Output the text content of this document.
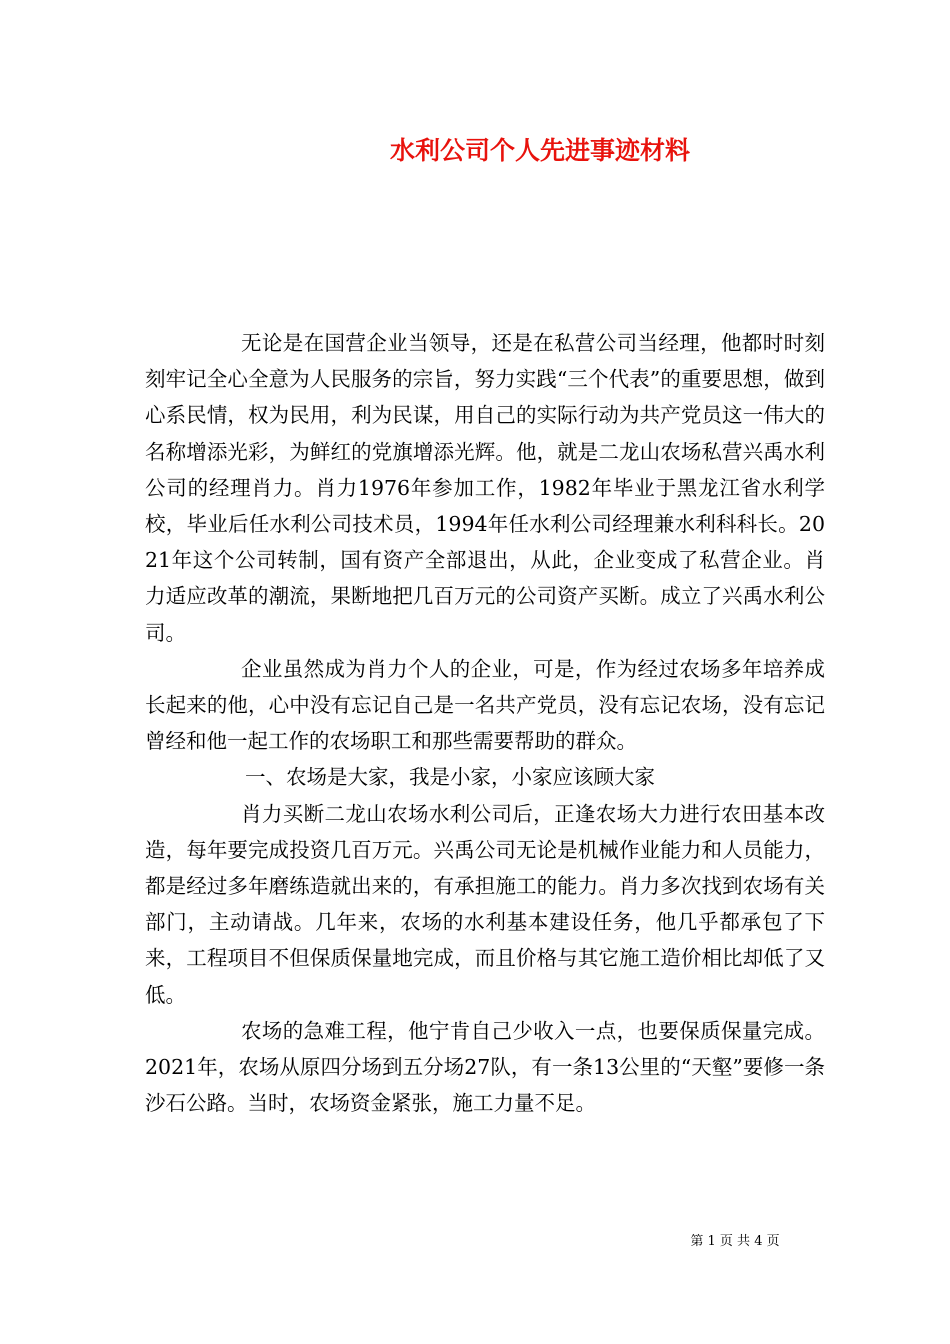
水利公司个人先进事迹材料

无论是在国营企业当领导，还是在私营公司当经理，他都时时刻刻牢记全心全意为人民服务的宗旨，努力实践“三个代表”的重要思想，做到心系民情，权为民用，利为民谋，用自己的实际行动为共产党员这一伟大的名称增添光彩，为鲜红的党旗增添光辉。他，就是二龙山农场私营兴禹水利公司的经理肖力。肖力1976年参加工作，1982年毕业于黑龙江省水利学校，毕业后任水利公司技术员，1994年任水利公司经理兼水利科科长。2021年这个公司转制，国有资产全部退出，从此，企业变成了私营企业。肖力适应改革的潮流，果断地把几百万元的公司资产买断。成立了兴禹水利公司。

企业虽然成为肖力个人的企业，可是，作为经过农场多年培养成长起来的他，心中没有忘记自己是一名共产党员，没有忘记农场，没有忘记曾经和他一起工作的农场职工和那些需要帮助的群众。

一、农场是大家，我是小家，小家应该顾大家

肖力买断二龙山农场水利公司后，正逢农场大力进行农田基本改造，每年要完成投资几百万元。兴禹公司无论是机械作业能力和人员能力，都是经过多年磨练造就出来的，有承担施工的能力。肖力多次找到农场有关部门，主动请战。几年来，农场的水利基本建设任务，他几乎都承包了下来，工程项目不但保质保量地完成，而且价格与其它施工造价相比却低了又低。

农场的急难工程，他宁肯自己少收入一点，也要保质保量完成。2021年，农场从原四分场到五分场27队，有一条13公里的“天壑”要修一条沙石公路。当时，农场资金紧张，施工力量不足。

第 1 页 共 4 页
